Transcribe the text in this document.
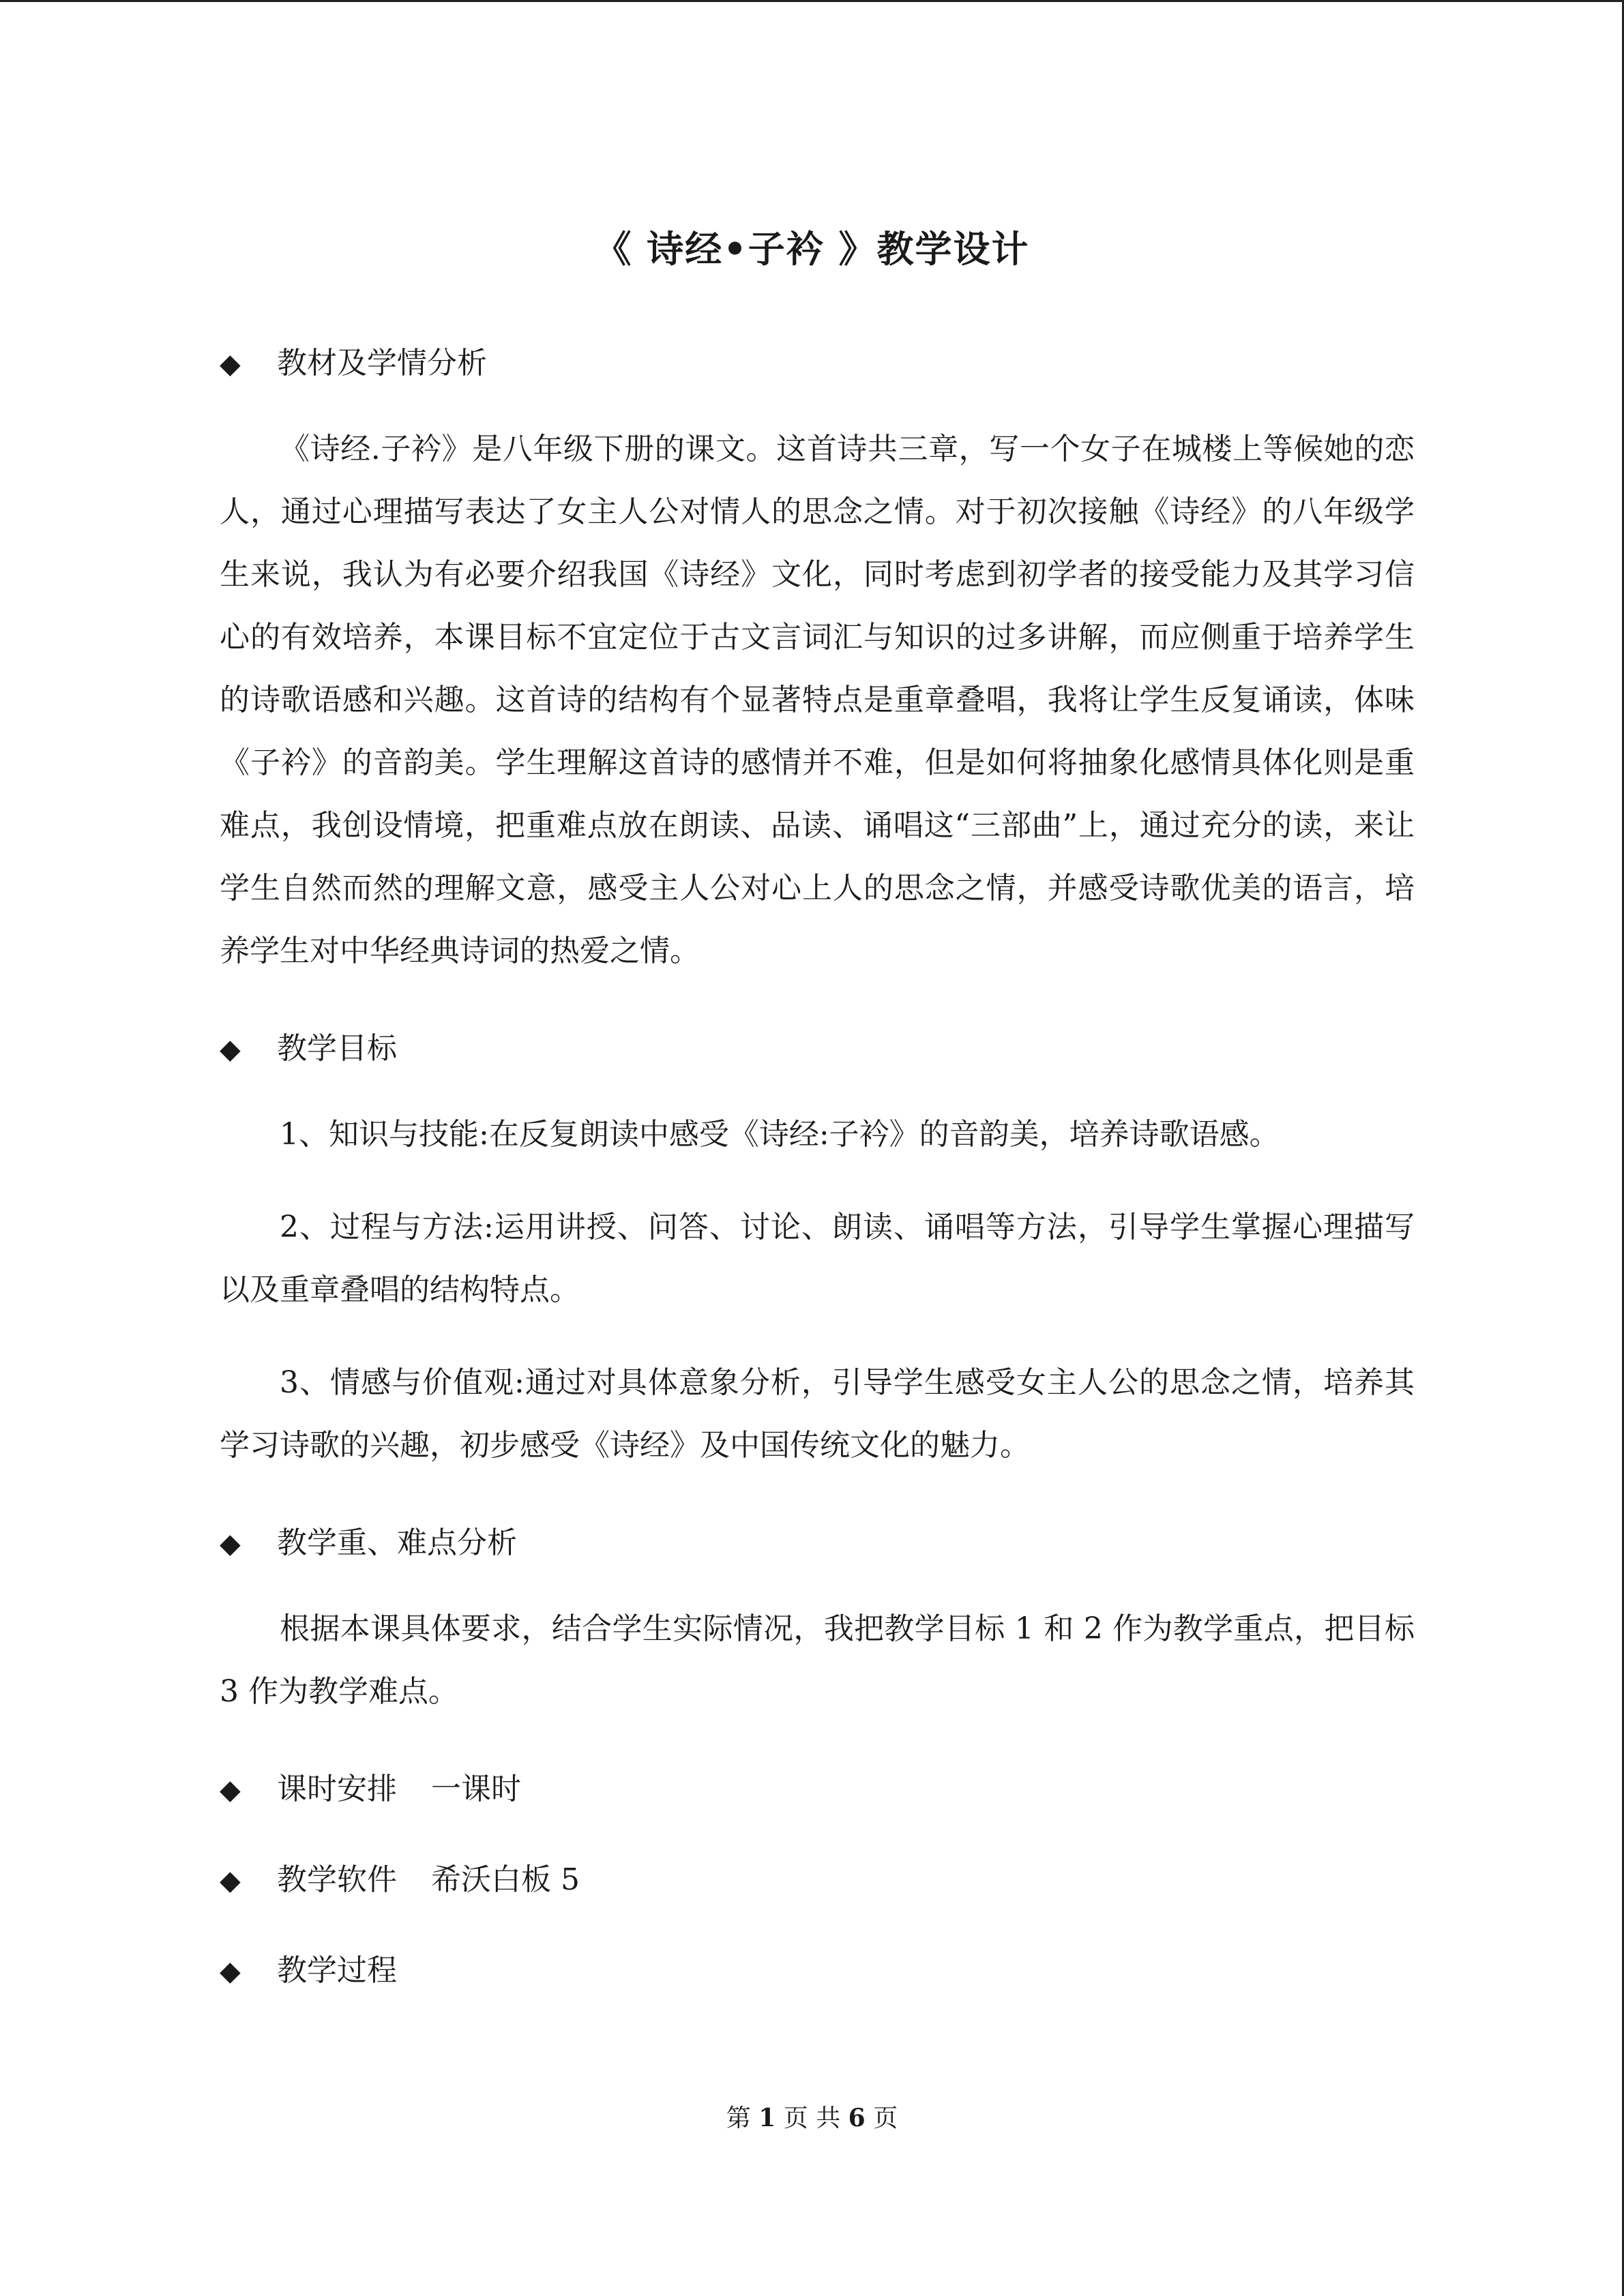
《 诗经•子衿 》教学设计
◆ 教材及学情分析
《诗经.子衿》是八年级下册的课文。这首诗共三章，写一个女子在城楼上等候她的恋人，通过心理描写表达了女主人公对情人的思念之情。对于初次接触《诗经》的八年级学生来说，我认为有必要介绍我国《诗经》文化，同时考虑到初学者的接受能力及其学习信心的有效培养，本课目标不宜定位于古文言词汇与知识的过多讲解，而应侧重于培养学生的诗歌语感和兴趣。这首诗的结构有个显著特点是重章叠唱，我将让学生反复诵读，体味《子衿》的音韵美。学生理解这首诗的感情并不难，但是如何将抽象化感情具体化则是重难点，我创设情境，把重难点放在朗读、品读、诵唱这“三部曲”上，通过充分的读，来让学生自然而然的理解文意，感受主人公对心上人的思念之情，并感受诗歌优美的语言，培养学生对中华经典诗词的热爱之情。
◆ 教学目标
1、知识与技能:在反复朗读中感受《诗经:子衿》的音韵美，培养诗歌语感。
2、过程与方法:运用讲授、问答、讨论、朗读、诵唱等方法，引导学生掌握心理描写以及重章叠唱的结构特点。
3、情感与价值观:通过对具体意象分析，引导学生感受女主人公的思念之情，培养其学习诗歌的兴趣，初步感受《诗经》及中国传统文化的魅力。
◆ 教学重、难点分析
根据本课具体要求，结合学生实际情况，我把教学目标 1 和 2 作为教学重点，把目标 3 作为教学难点。
◆ 课时安排 一课时
◆ 教学软件 希沃白板 5
◆ 教学过程
第 1 页 共 6 页
